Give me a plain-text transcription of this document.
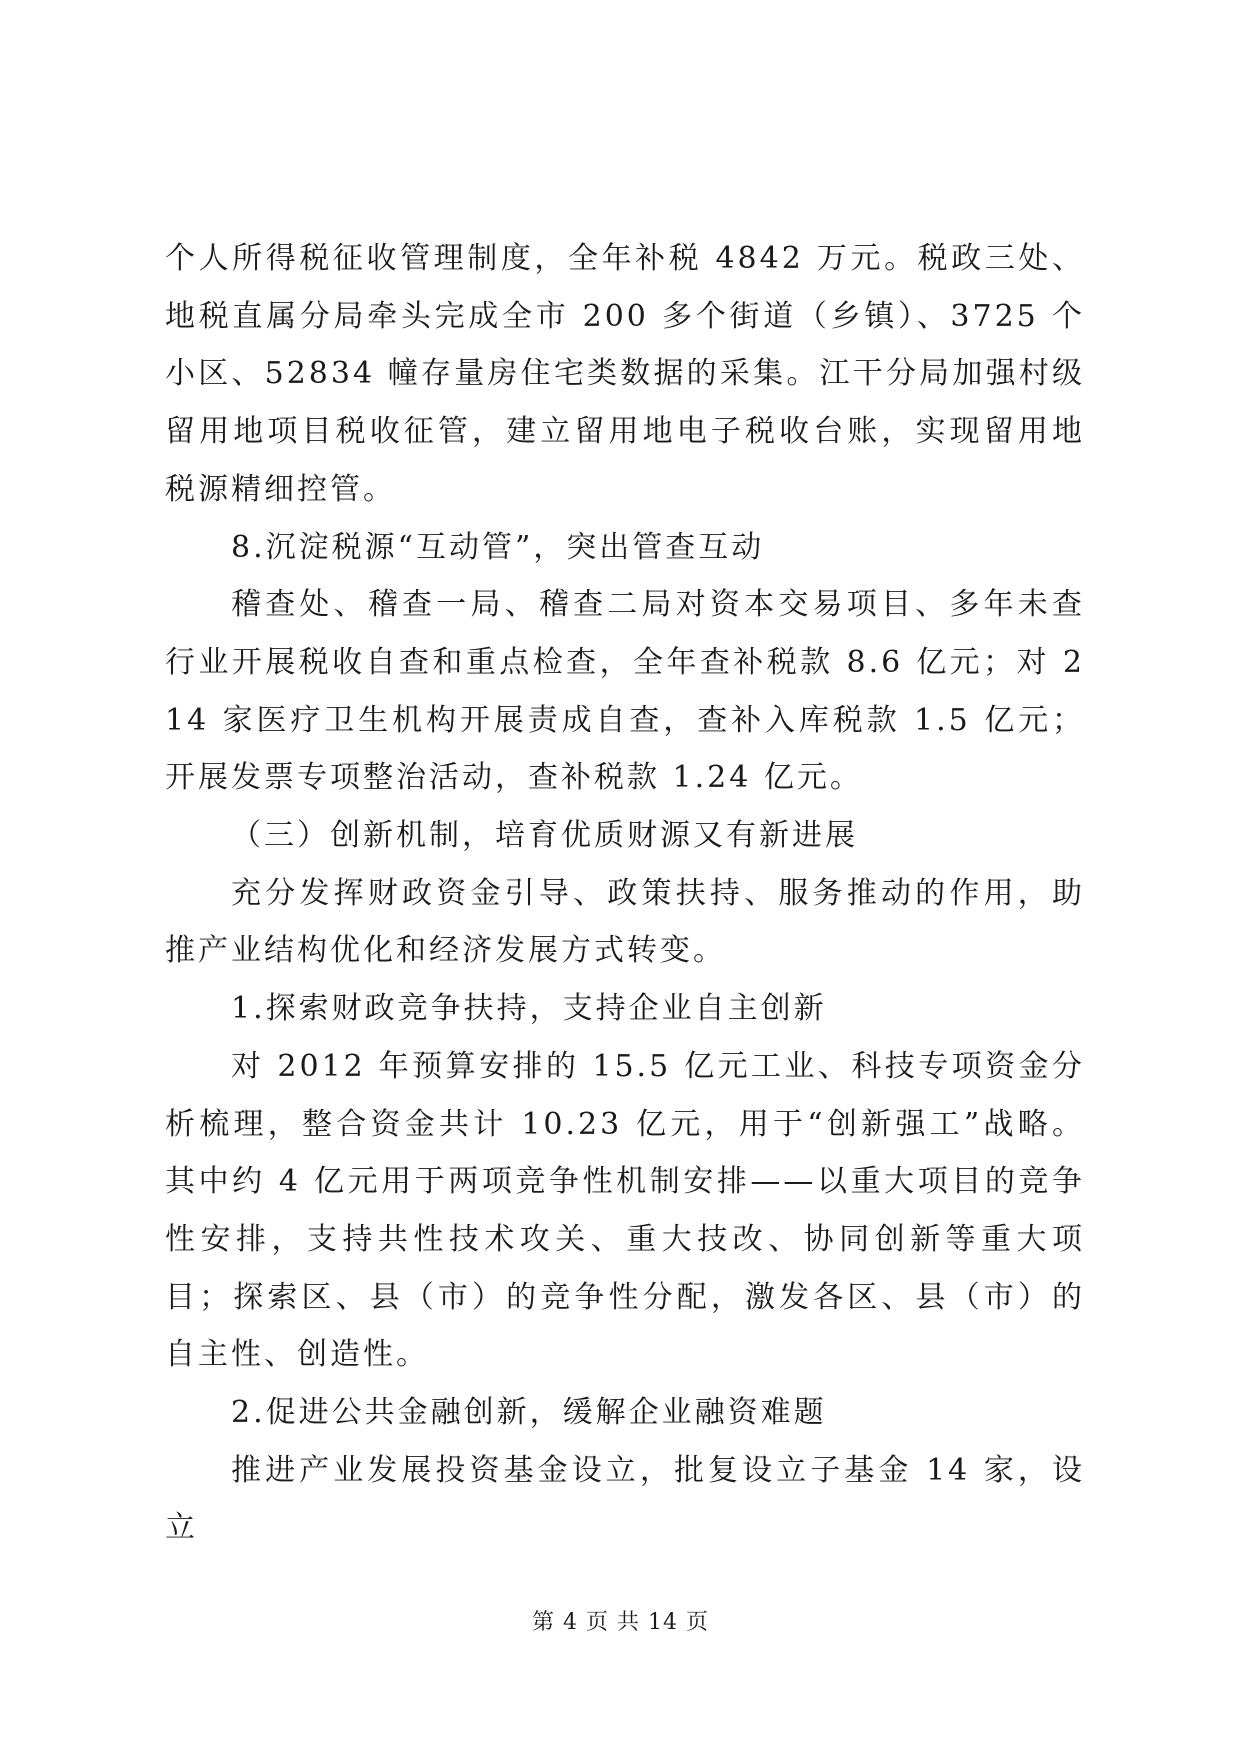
个人所得税征收管理制度，全年补税 4842 万元。税政三处、地税直属分局牵头完成全市 200 多个街道（乡镇）、3725 个小区、52834 幢存量房住宅类数据的采集。江干分局加强村级留用地项目税收征管，建立留用地电子税收台账，实现留用地税源精细控管。

8.沉淀税源“互动管”，突出管查互动

稽查处、稽查一局、稽查二局对资本交易项目、多年未查行业开展税收自查和重点检查，全年查补税款 8.6 亿元；对 214 家医疗卫生机构开展责成自查，查补入库税款 1.5 亿元；开展发票专项整治活动，查补税款 1.24 亿元。

（三）创新机制，培育优质财源又有新进展

充分发挥财政资金引导、政策扶持、服务推动的作用，助推产业结构优化和经济发展方式转变。

1.探索财政竞争扶持，支持企业自主创新

对 2012 年预算安排的 15.5 亿元工业、科技专项资金分析梳理，整合资金共计 10.23 亿元，用于“创新强工”战略。其中约 4 亿元用于两项竞争性机制安排——以重大项目的竞争性安排，支持共性技术攻关、重大技改、协同创新等重大项目；探索区、县（市）的竞争性分配，激发各区、县（市）的自主性、创造性。

2.促进公共金融创新，缓解企业融资难题

推进产业发展投资基金设立，批复设立子基金 14 家，设立

第 4 页 共 14 页
